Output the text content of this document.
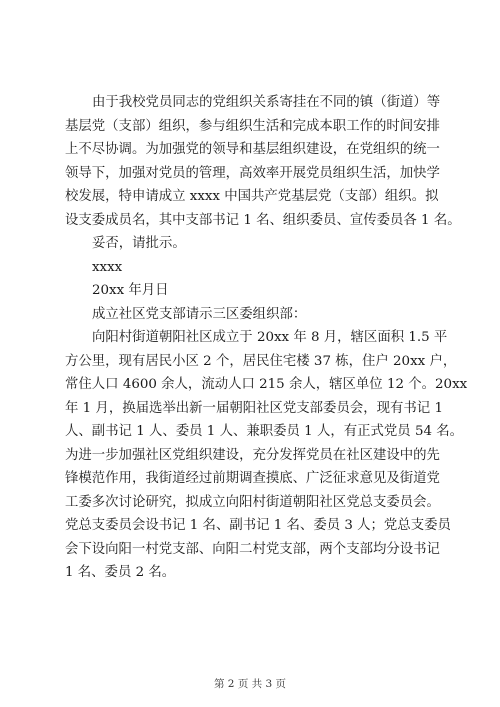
由于我校党员同志的党组织关系寄挂在不同的镇（街道）等
基层党（支部）组织，参与组织生活和完成本职工作的时间安排
上不尽协调。为加强党的领导和基层组织建设，在党组织的统一
领导下，加强对党员的管理，高效率开展党员组织生活，加快学
校发展，特申请成立 xxxx 中国共产党基层党（支部）组织。拟
设支委成员名，其中支部书记 1 名、组织委员、宣传委员各 1 名。
妥否，请批示。
xxxx
20xx 年月日
成立社区党支部请示三区委组织部：
向阳村街道朝阳社区成立于 20xx 年 8 月，辖区面积 1.5 平
方公里，现有居民小区 2 个，居民住宅楼 37 栋，住户 20xx 户，
常住人口 4600 余人，流动人口 215 余人，辖区单位 12 个。20xx
年 1 月，换届选举出新一届朝阳社区党支部委员会，现有书记 1
人、副书记 1 人、委员 1 人、兼职委员 1 人，有正式党员 54 名。
为进一步加强社区党组织建设，充分发挥党员在社区建设中的先
锋模范作用，我街道经过前期调查摸底、广泛征求意见及街道党
工委多次讨论研究，拟成立向阳村街道朝阳社区党总支委员会。
党总支委员会设书记 1 名、副书记 1 名、委员 3 人；党总支委员
会下设向阳一村党支部、向阳二村党支部，两个支部均分设书记
1 名、委员 2 名。
第 2 页 共 3 页
